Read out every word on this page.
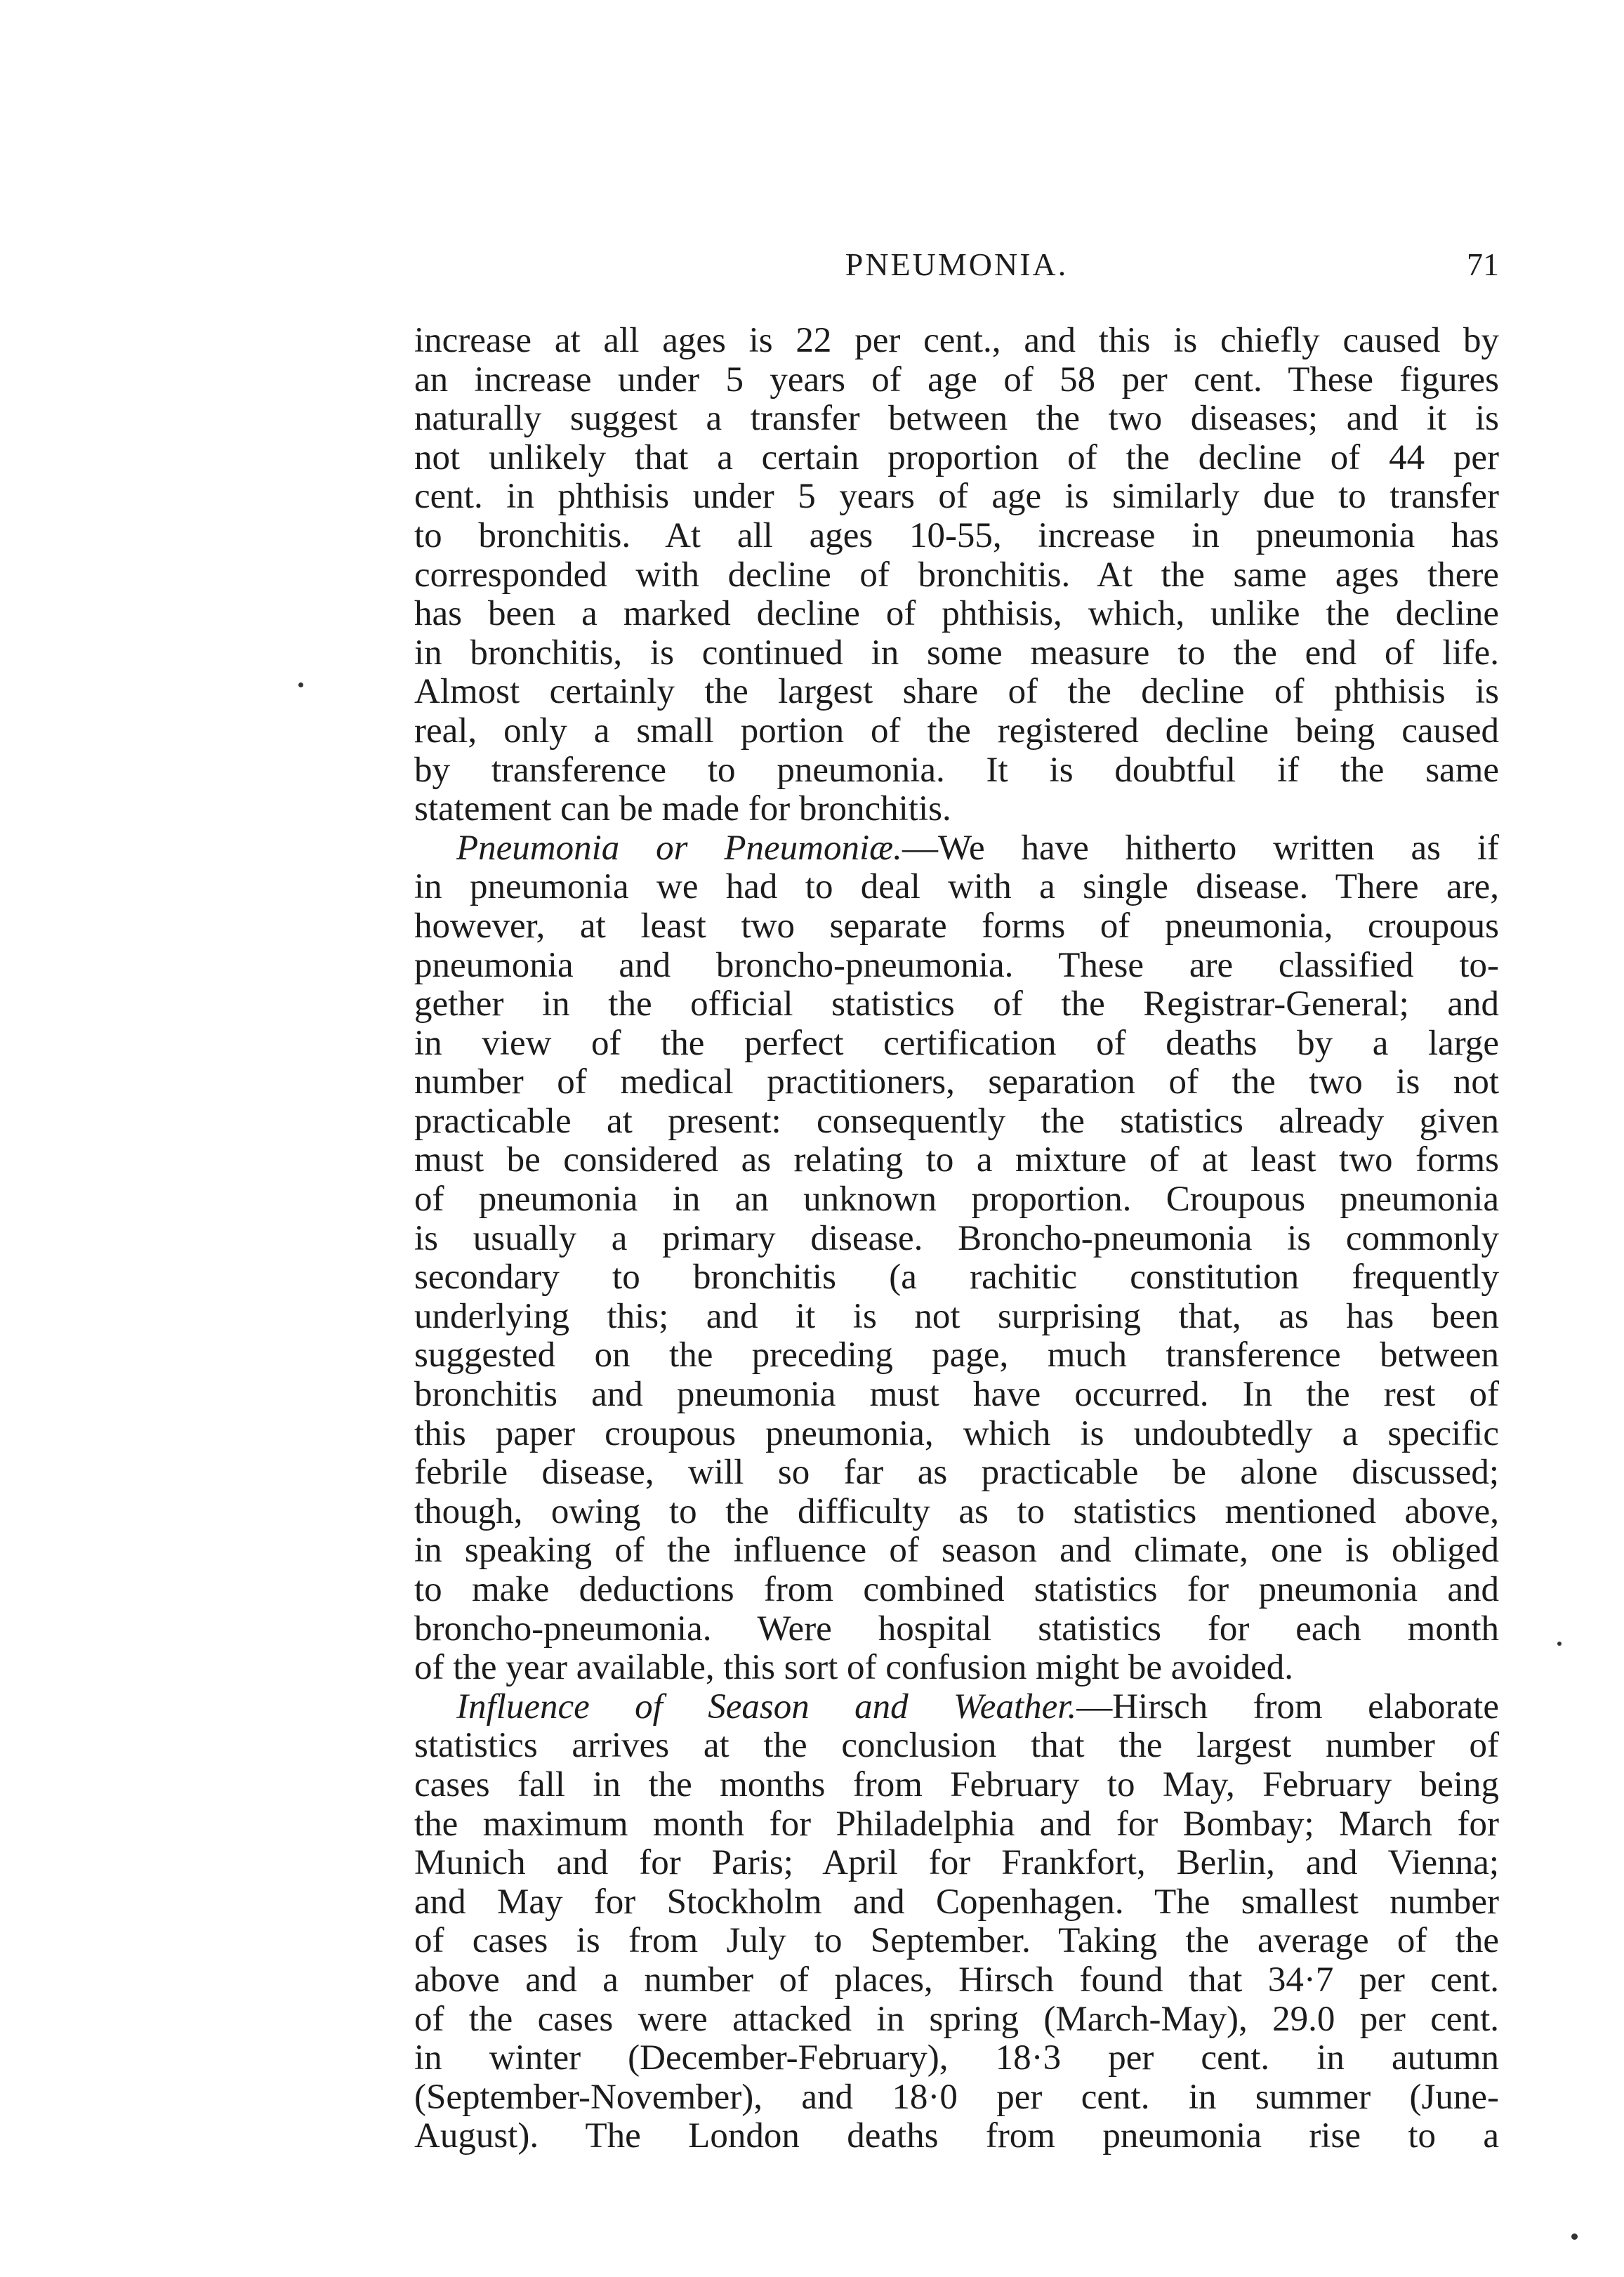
PNEUMONIA.	71
increase at all ages is 22 per cent., and this is chiefly caused by
an increase under 5 years of age of 58 per cent. These figures
naturally suggest a transfer between the two diseases; and it is
not unlikely that a certain proportion of the decline of 44 per
cent. in phthisis under 5 years of age is similarly due to transfer
to bronchitis. At all ages 10-55, increase in pneumonia has
corresponded with decline of bronchitis. At the same ages there
has been a marked decline of phthisis, which, unlike the decline
in bronchitis, is continued in some measure to the end of life.
Almost certainly the largest share of the decline of phthisis is
real, only a small portion of the registered decline being caused
by transference to pneumonia. It is doubtful if the same
statement can be made for bronchitis.
Pneumonia or Pneumoniæ.—We have hitherto written as if
in pneumonia we had to deal with a single disease. There are,
however, at least two separate forms of pneumonia, croupous
pneumonia and broncho-pneumonia. These are classified to-
gether in the official statistics of the Registrar-General; and
in view of the perfect certification of deaths by a large
number of medical practitioners, separation of the two is not
practicable at present: consequently the statistics already given
must be considered as relating to a mixture of at least two forms
of pneumonia in an unknown proportion. Croupous pneumonia
is usually a primary disease. Broncho-pneumonia is commonly
secondary to bronchitis (a rachitic constitution frequently
underlying this; and it is not surprising that, as has been
suggested on the preceding page, much transference between
bronchitis and pneumonia must have occurred. In the rest of
this paper croupous pneumonia, which is undoubtedly a specific
febrile disease, will so far as practicable be alone discussed;
though, owing to the difficulty as to statistics mentioned above,
in speaking of the influence of season and climate, one is obliged
to make deductions from combined statistics for pneumonia and
broncho-pneumonia. Were hospital statistics for each month
of the year available, this sort of confusion might be avoided.
Influence of Season and Weather.—Hirsch from elaborate
statistics arrives at the conclusion that the largest number of
cases fall in the months from February to May, February being
the maximum month for Philadelphia and for Bombay; March for
Munich and for Paris; April for Frankfort, Berlin, and Vienna;
and May for Stockholm and Copenhagen. The smallest number
of cases is from July to September. Taking the average of the
above and a number of places, Hirsch found that 34·7 per cent.
of the cases were attacked in spring (March-May), 29.0 per cent.
in winter (December-February), 18·3 per cent. in autumn
(September-November), and 18·0 per cent. in summer (June-
August). The London deaths from pneumonia rise to a
